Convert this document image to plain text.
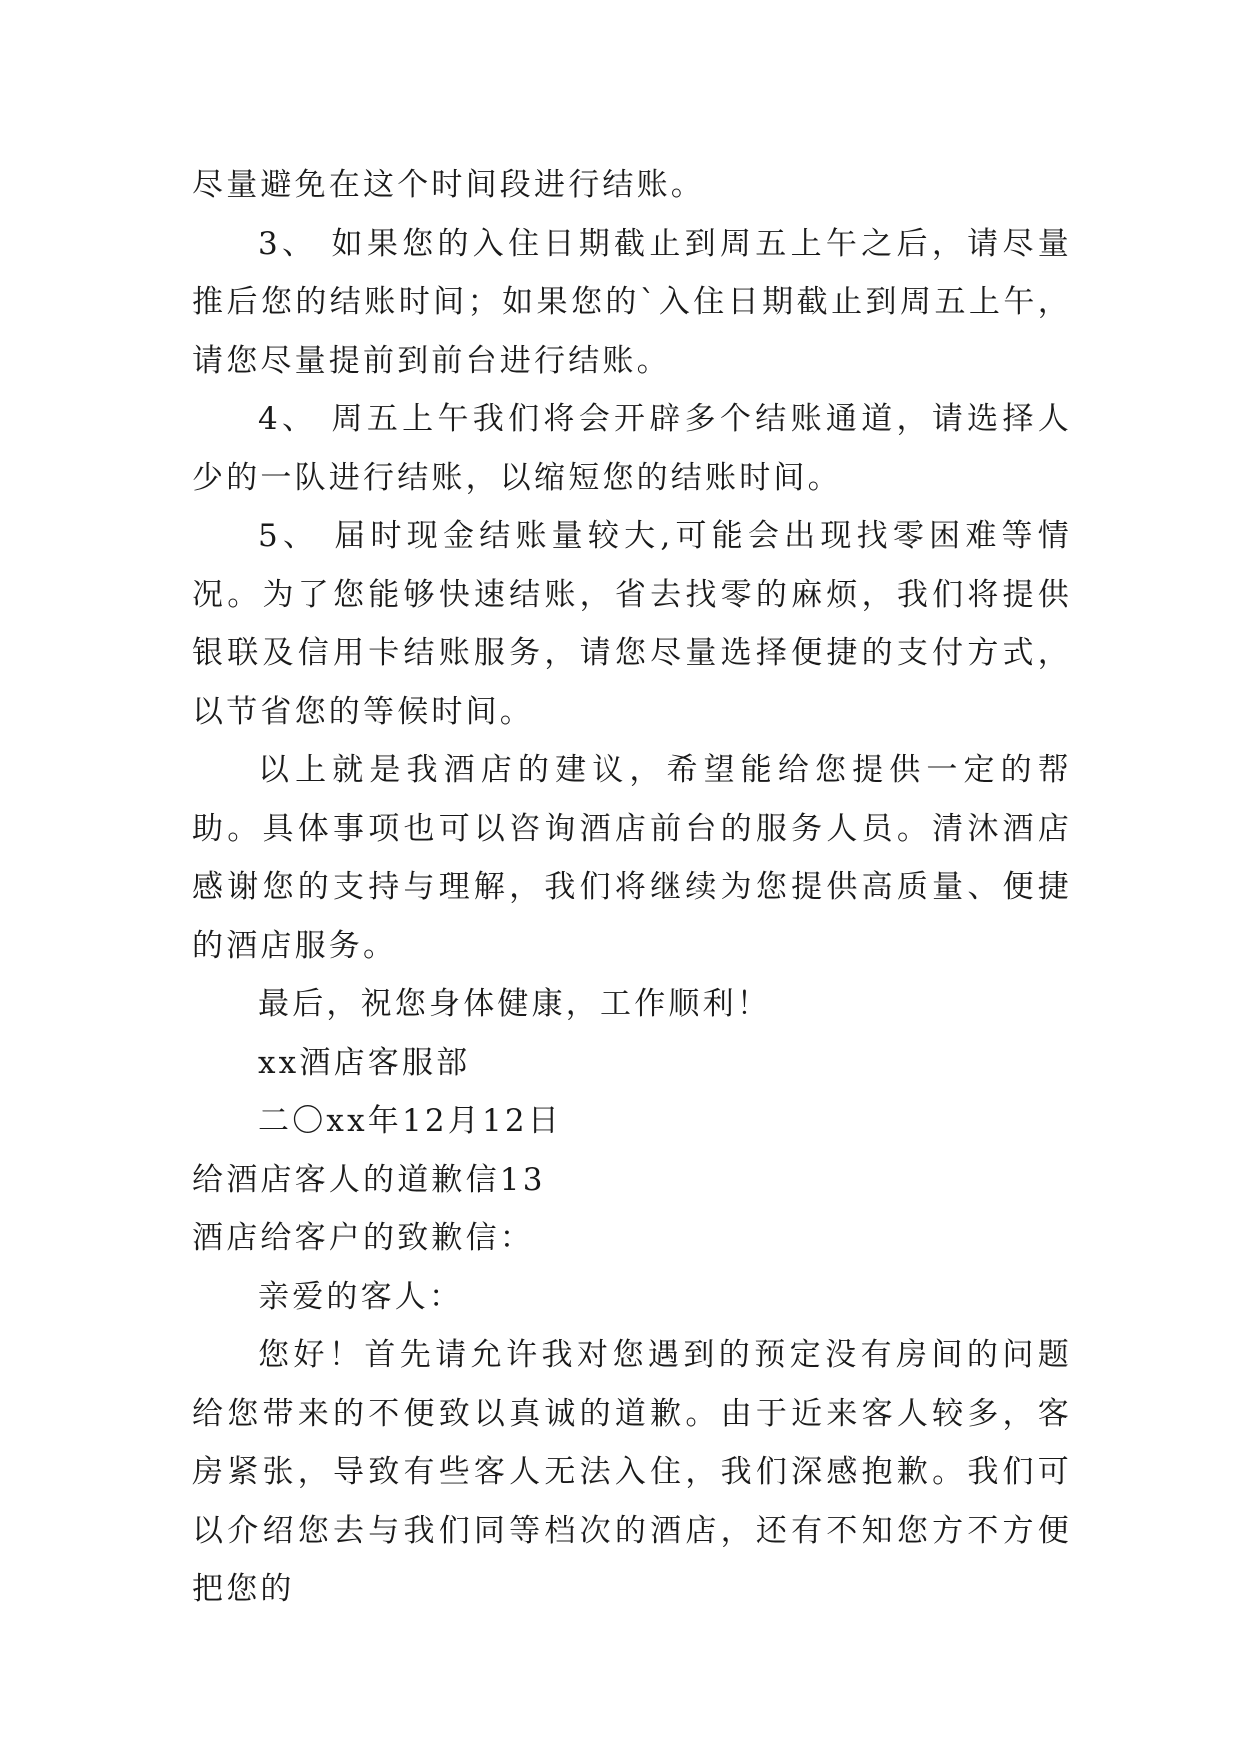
尽量避免在这个时间段进行结账。

3、 如果您的入住日期截止到周五上午之后，请尽量推后您的结账时间；如果您的`入住日期截止到周五上午，请您尽量提前到前台进行结账。

4、 周五上午我们将会开辟多个结账通道，请选择人少的一队进行结账，以缩短您的结账时间。

5、 届时现金结账量较大,可能会出现找零困难等情况。为了您能够快速结账，省去找零的麻烦，我们将提供银联及信用卡结账服务，请您尽量选择便捷的支付方式，以节省您的等候时间。

以上就是我酒店的建议，希望能给您提供一定的帮助。具体事项也可以咨询酒店前台的服务人员。清沐酒店感谢您的支持与理解，我们将继续为您提供高质量、便捷的酒店服务。

最后，祝您身体健康，工作顺利！

xx酒店客服部

二〇xx年12月12日

给酒店客人的道歉信13

酒店给客户的致歉信：

亲爱的客人：

您好！首先请允许我对您遇到的预定没有房间的问题给您带来的不便致以真诚的道歉。由于近来客人较多，客房紧张，导致有些客人无法入住，我们深感抱歉。我们可以介绍您去与我们同等档次的酒店，还有不知您方不方便把您的
